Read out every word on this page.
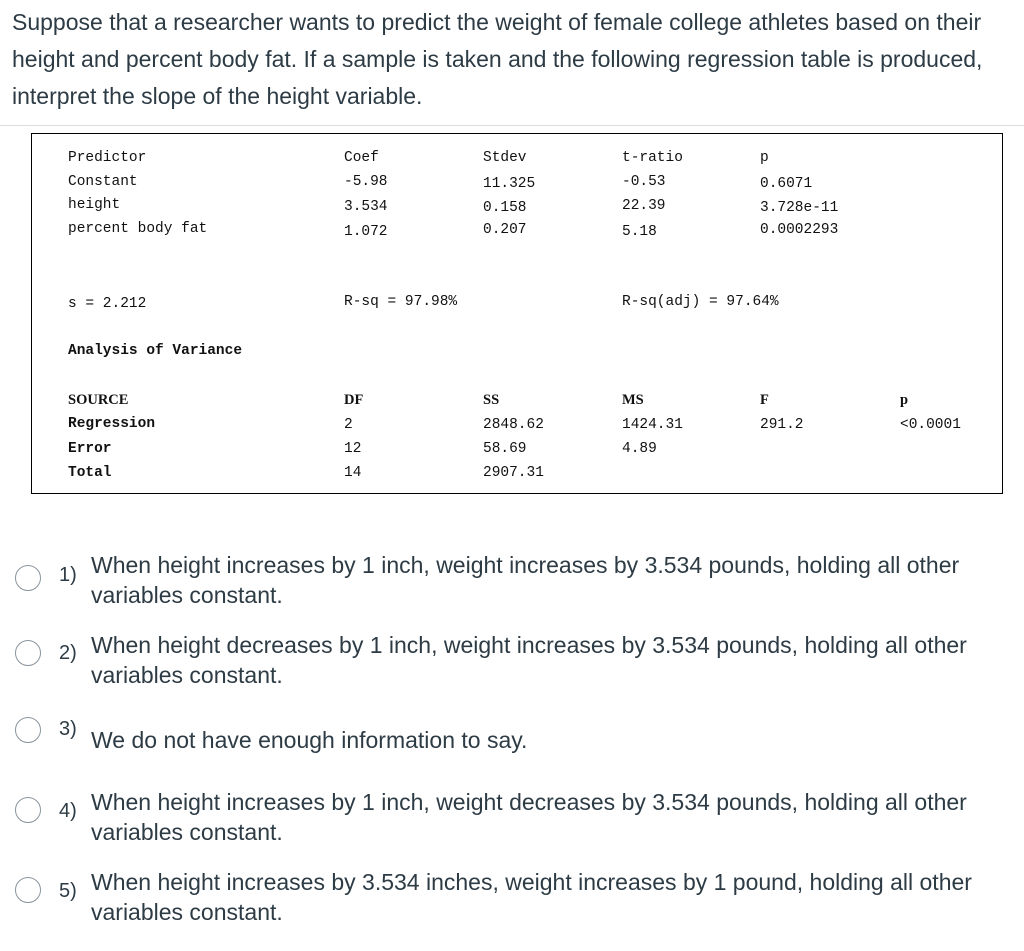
Suppose that a researcher wants to predict the weight of female college athletes based on their height and percent body fat. If a sample is taken and the following regression table is produced, interpret the slope of the height variable.
Predictor	Coef	Stdev	t-ratio	p
Constant	-5.98	11.325	-0.53	0.6071
height	3.534	0.158	22.39	3.728e-11
percent body fat	1.072	0.207	5.18	0.0002293
s = 2.212	R-sq = 97.98%	R-sq(adj) = 97.64%
Analysis of Variance
SOURCE	DF	SS	MS	F	p
Regression	2	2848.62	1424.31	291.2	<0.0001
Error	12	58.69	4.89
Total	14	2907.31
1) When height increases by 1 inch, weight increases by 3.534 pounds, holding all other variables constant.
2) When height decreases by 1 inch, weight increases by 3.534 pounds, holding all other variables constant.
3) We do not have enough information to say.
4) When height increases by 1 inch, weight decreases by 3.534 pounds, holding all other variables constant.
5) When height increases by 3.534 inches, weight increases by 1 pound, holding all other variables constant.
